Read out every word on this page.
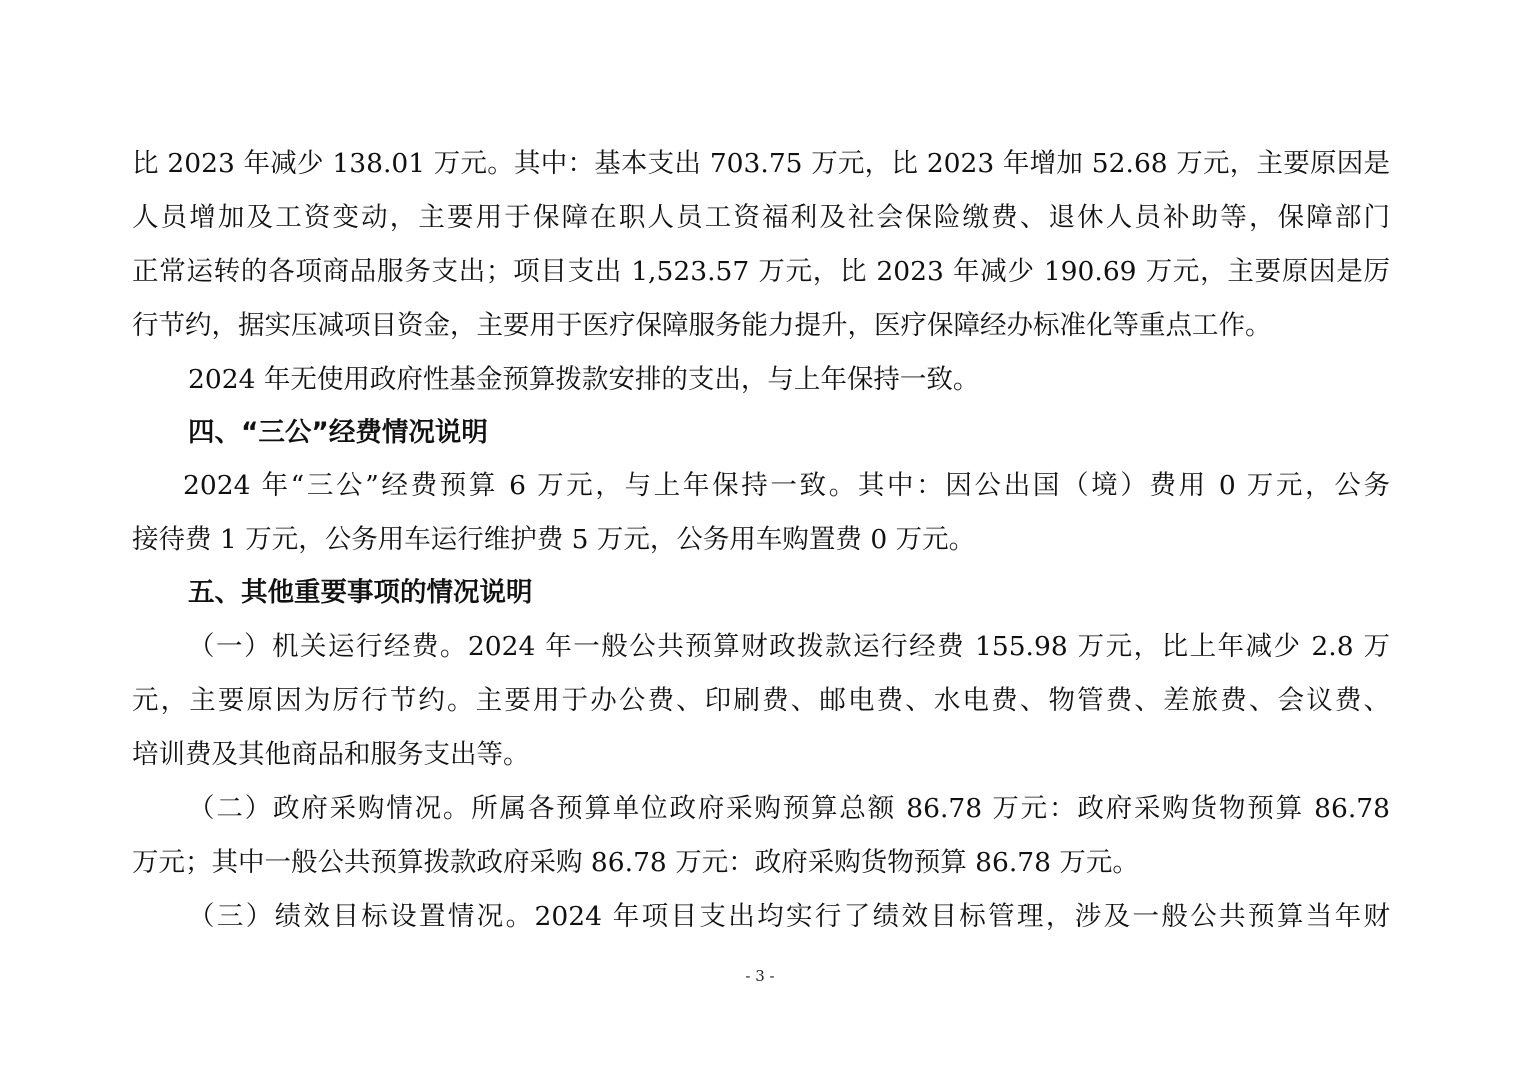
比 2023 年减少 138.01 万元。其中：基本支出 703.75 万元，比 2023 年增加 52.68 万元，主要原因是
人员增加及工资变动，主要用于保障在职人员工资福利及社会保险缴费、退休人员补助等，保障部门
正常运转的各项商品服务支出；项目支出 1,523.57 万元，比 2023 年减少 190.69 万元，主要原因是厉
行节约，据实压减项目资金，主要用于医疗保障服务能力提升，医疗保障经办标准化等重点工作。
2024 年无使用政府性基金预算拨款安排的支出，与上年保持一致。
四、“三公”经费情况说明
2024 年“三公”经费预算 6 万元，与上年保持一致。其中：因公出国（境）费用 0 万元，公务
接待费 1 万元，公务用车运行维护费 5 万元，公务用车购置费 0 万元。
五、其他重要事项的情况说明
（一）机关运行经费。2024 年一般公共预算财政拨款运行经费 155.98 万元，比上年减少 2.8 万
元，主要原因为厉行节约。主要用于办公费、印刷费、邮电费、水电费、物管费、差旅费、会议费、
培训费及其他商品和服务支出等。
（二）政府采购情况。所属各预算单位政府采购预算总额 86.78 万元：政府采购货物预算 86.78
万元；其中一般公共预算拨款政府采购 86.78 万元：政府采购货物预算 86.78 万元。
（三）绩效目标设置情况。2024 年项目支出均实行了绩效目标管理，涉及一般公共预算当年财
- 3 -
